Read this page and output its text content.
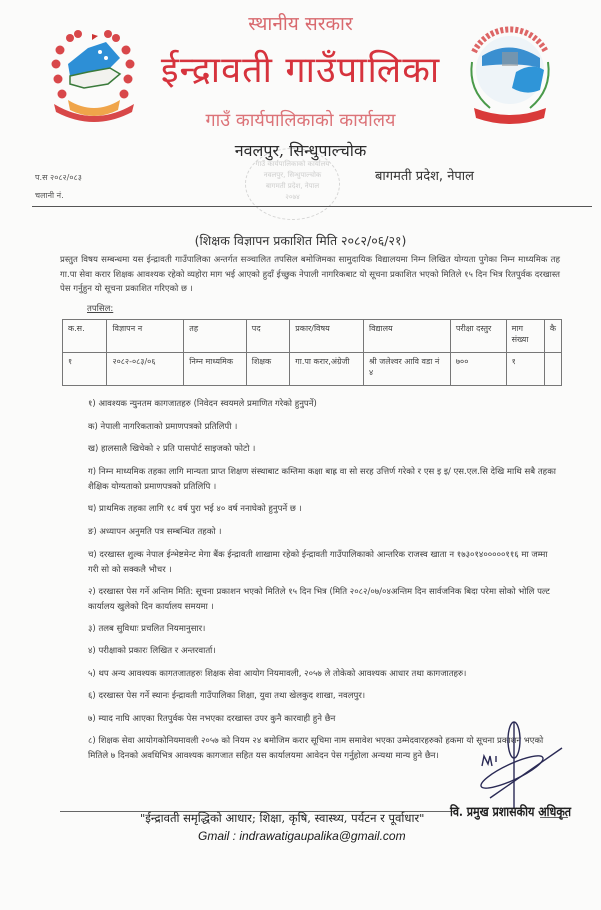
स्थानीय सरकार
ईन्द्रावती गाउँपालिका
गाउँ कार्यपालिकाको कार्यालय
गाउँ कार्यपालिकाको कार्यालय
नवलपुर, सिन्धुपाल्चोक
बागमती प्रदेश, नेपाल
२०७४
नवलपुर, सिन्धुपाल्चोक
बागमती प्रदेश, नेपाल
प.स २०८२/०८३
चलानी नं.
(शिक्षक विज्ञापन प्रकाशित मिति २०८२/०६/२१)
प्रस्तुत विषय सम्बन्धमा यस ईन्द्रावती गाउँपालिका अन्तर्गत सञ्चालित तपसिल बमोजिमका सामुदायिक विद्यालयमा निम्न लिखित योग्यता पुगेका निम्न माध्यमिक तह गा.पा सेवा करार शिक्षक आवश्यक रहेको व्यहोरा माग भई आएको हुदाँ ईच्छुक नेपाली नागरिकबाट यो सूचना प्रकाशित भएको मितिले १५ दिन भित्र रितपुर्वक दरखास्त पेस गर्नुहुन यो सूचना प्रकाशित गरिएको छ ।
तपसिल:
क.स.	विज्ञापन न	तह	पद	प्रकार/विषय	विद्यालय	परीक्षा दस्तुर	माग संख्या	कै
१	२०८२-०८३/०६	निम्न माध्यमिक	शिक्षक	गा.पा करार,अंग्रेजी	श्री जलेश्वर आवि वडा नं ४	७००	१	
१) आवश्यक न्युनतम कागजातहरु (निवेदन स्वयमले प्रमाणित गरेको हुनुपर्ने)
क) नेपाली नागरिकताको प्रमाणपत्रको प्रतिलिपी ।
ख) हालसालै खिचेको २ प्रति पासपोर्ट साइजको फोटो ।
ग) निम्न माध्यमिक तहका लागि मान्यता प्राप्त शिक्षण संस्थाबाट कम्तिमा कक्षा बाह्र वा सो सरह उत्तिर्ण गरेको र एस इ इ/ एस.एल.सि देखि माथि सबै तहका शैक्षिक योग्यताको प्रमाणपत्रको प्रतिलिपि ।
घ) प्राथमिक तहका लागि १८ वर्ष पुरा भई ४० वर्ष ननाघेको हुनुपर्ने छ ।
ङ) अध्यापन अनुमति पत्र सम्बन्धित तहको ।
च) दरखास्त शुल्क नेपाल ईन्भेष्टमेन्ट मेगा बैंक ईन्द्रावती शाखामा रहेको ईन्द्रावती गाउँपालिकाको आन्तरिक राजस्व खाता न १७३०१४०००००११६ मा जम्मा गरी सो को सक्कलै भौचर ।
२) दरखास्त पेस गर्ने अन्तिम मिति: सूचना प्रकाशन भएको मितिले १५ दिन भित्र (मिति २०८२/०७/०४अन्तिम दिन सार्वजनिक बिदा परेमा सोको भोलि पल्ट कार्यालय खुलेको दिन कार्यालय समयमा ।
३) तलब सुविधाः प्रचलित नियमानुसार।
४) परीक्षाको प्रकारः लिखित र अन्तरवार्ता।
५) थप अन्य आवश्यक कागतजातहरुः शिक्षक सेवा आयोग नियमावली, २०५७ ले तोकेको आवश्यक आधार तथा कागजातहरु।
६) दरखास्त पेस गर्ने स्थानः ईन्द्रावती गाउँपालिका शिक्षा, युवा तथा खेलकुद शाखा, नवलपुर।
७) म्याद नाघि आएका रितपुर्वक पेस नभएका दरखास्त उपर कुनै कारवाही हुने छैन
८) शिक्षक सेवा आयोगकोनियमावली २०५७ को नियम २४ बमोजिम करार सूचिमा नाम समावेश भएका उम्मेदवारहरुको हकमा यो सूचना प्रकाशन भएको मितिले ७ दिनको अवधिभित्र आवश्यक कागजात सहित यस कार्यालयमा आवेदन पेस गर्नुहोला अन्यथा मान्य हुने छैन।
वि. प्रमुख प्रशासकीय अधिकृत
"ईन्द्रावती समृद्धिको आधार; शिक्षा, कृषि, स्वास्थ्य, पर्यटन र पूर्वाधार"
Gmail : indrawatigaupalika@gmail.com
